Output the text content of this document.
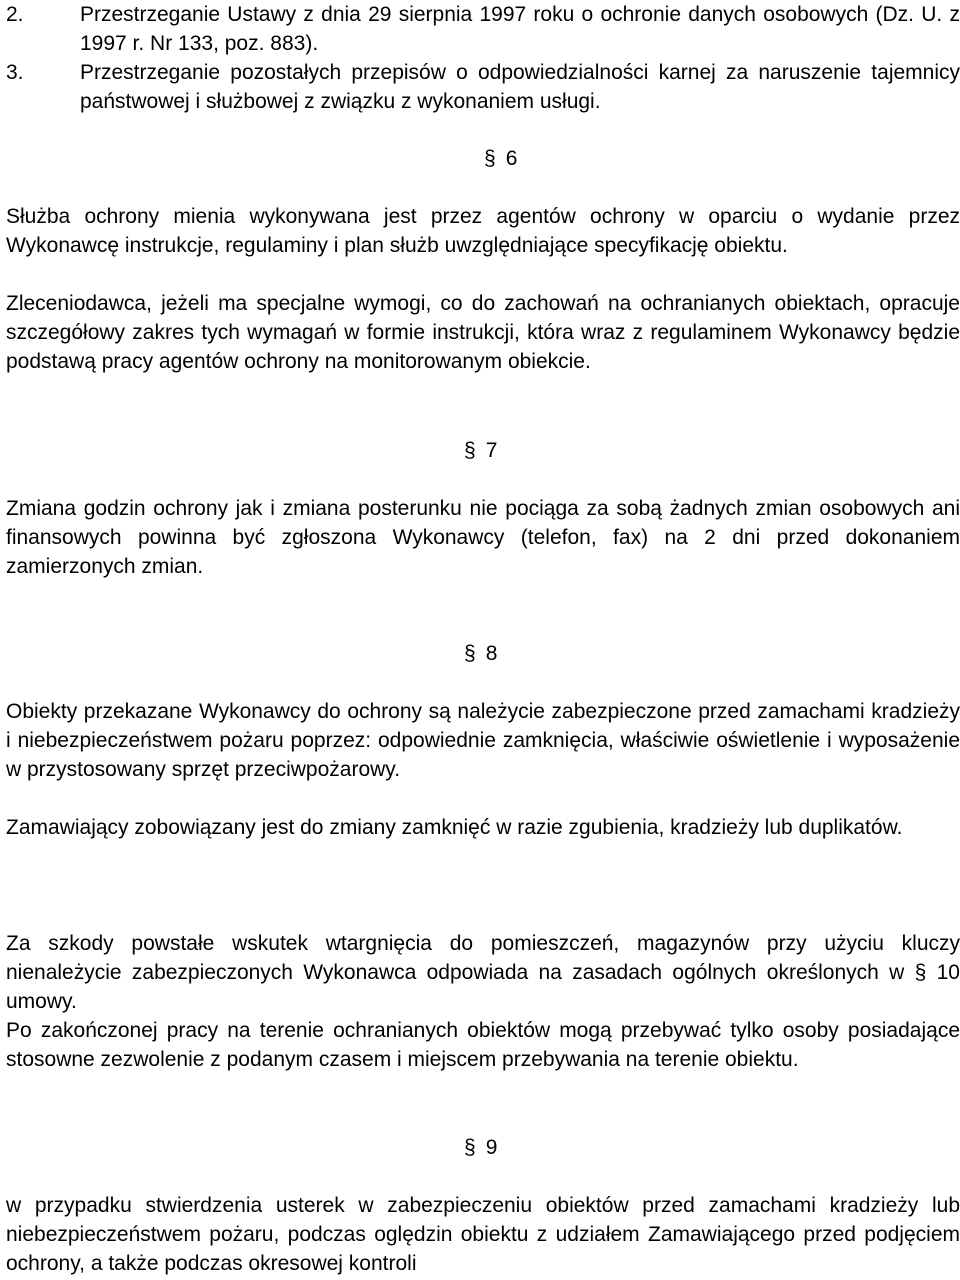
2.	Przestrzeganie Ustawy z dnia 29 sierpnia 1997 roku o ochronie danych osobowych (Dz. U. z 1997 r. Nr 133, poz. 883).
3.	Przestrzeganie pozostałych przepisów o odpowiedzialności karnej za naruszenie tajemnicy państwowej i służbowej z związku z wykonaniem usługi.
§ 6
Służba ochrony mienia wykonywana jest przez agentów ochrony w oparciu o wydanie przez Wykonawcę instrukcje, regulaminy i plan służb uwzględniające specyfikację obiektu.
Zleceniodawca, jeżeli ma specjalne wymogi, co do zachowań na ochranianych obiektach, opracuje szczegółowy zakres tych wymagań w formie instrukcji, która wraz z regulaminem Wykonawcy będzie podstawą pracy agentów ochrony na monitorowanym obiekcie.
§ 7
Zmiana godzin ochrony jak i zmiana posterunku nie pociąga za sobą żadnych zmian osobowych ani finansowych powinna być zgłoszona Wykonawcy (telefon, fax) na 2 dni przed dokonaniem zamierzonych zmian.
§ 8
Obiekty przekazane Wykonawcy do ochrony są należycie zabezpieczone przed zamachami kradzieży i niebezpieczeństwem pożaru poprzez: odpowiednie zamknięcia, właściwie oświetlenie i wyposażenie w przystosowany sprzęt przeciwpożarowy.
Zamawiający zobowiązany jest do zmiany zamknięć w razie zgubienia, kradzieży lub duplikatów.
Za szkody powstałe wskutek wtargnięcia do pomieszczeń, magazynów przy użyciu kluczy nienależycie zabezpieczonych Wykonawca odpowiada na zasadach ogólnych określonych w § 10 umowy.
Po zakończonej pracy na terenie ochranianych obiektów mogą przebywać tylko osoby posiadające stosowne zezwolenie z podanym czasem i miejscem przebywania na terenie obiektu.
§ 9
w przypadku stwierdzenia usterek w zabezpieczeniu obiektów przed zamachami kradzieży lub niebezpieczeństwem pożaru, podczas oględzin obiektu z udziałem Zamawiającego przed podjęciem ochrony, a także podczas okresowej kontroli
